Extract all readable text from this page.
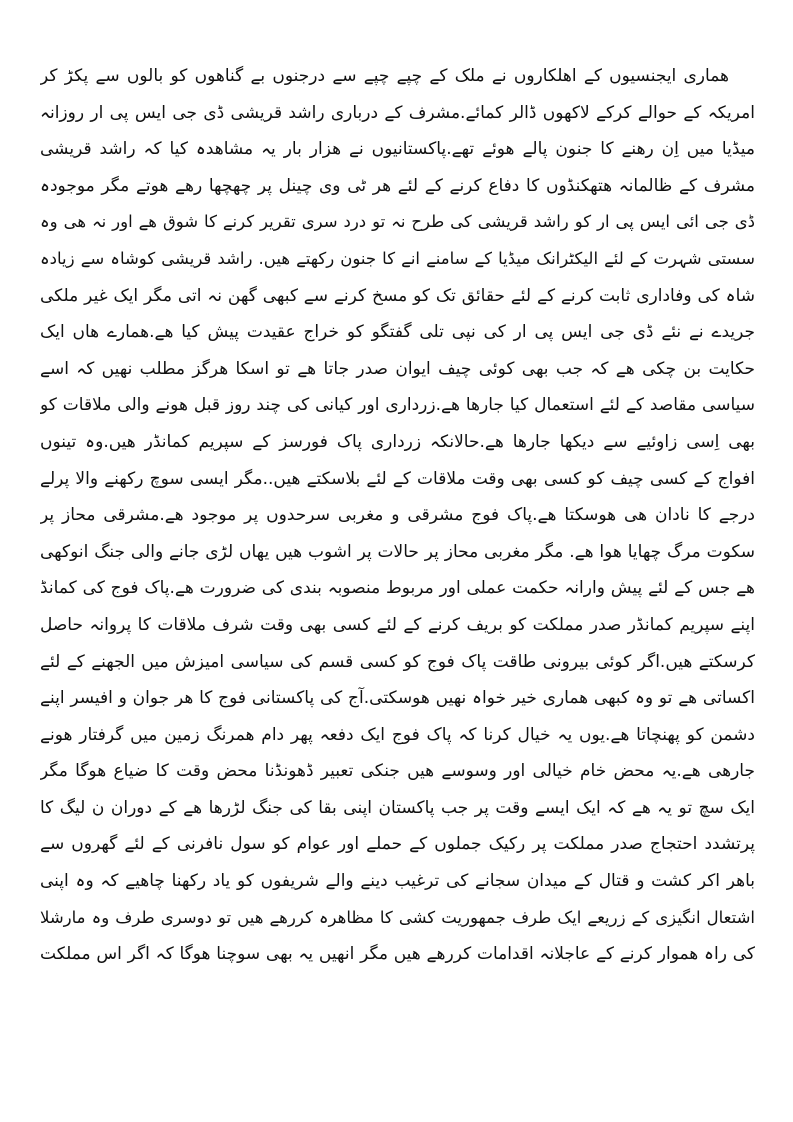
ھماری ایجنسیوں کے اھلکاروں نے ملک کے چپے چپے سے درجنوں بے گناھوں کو بالوں سے پکڑ کر
امریکہ کے حوالے کرکے لاکھوں ڈالر کمائے.مشرف کے درباری راشد قریشی ڈی جی ایس پی ار روزانہ
میڈیا میں اِن رھنے کا جنون پالے ھوئے تھے.پاکستانیوں نے ھزار بار یہ مشاھدہ کیا کہ راشد قریشی
مشرف کے ظالمانہ ھتھکنڈوں کا دفاع کرنے کے لئے ھر ٹی وی چینل پر چھچھا رھے ھوتے مگر موجودہ
ڈی جی ائی ایس پی ار کو راشد قریشی کی طرح نہ تو درد سری تقریر کرنے کا شوق ھے اور نہ ھی وہ
سستی شہرت کے لئے الیکٹرانک میڈیا کے سامنے انے کا جنون رکھتے ھیں. راشد قریشی کوشاہ سے زیادہ
شاہ کی وفاداری ثابت کرنے کے لئے حقائق تک کو مسخ کرنے سے کبھی گھن نہ اتی مگر ایک غیر ملکی
جریدے نے نئے ڈی جی ایس پی ار کی نپی تلی گفتگو کو خراج عقیدت پیش کیا ھے.ھمارے ھاں ایک
حکایت بن چکی ھے کہ جب بھی کوئی چیف ایوان صدر جاتا ھے تو اسکا ھرگز مطلب نھیں کہ اسے
سیاسی مقاصد کے لئے استعمال کیا جارھا ھے.زرداری اور کیانی کی چند روز قبل ھونے والی ملاقات کو
بھی اِسی زاوئیے سے دیکھا جارھا ھے.حالانکہ زرداری پاک فورسز کے سپریم کمانڈر ھیں.وہ تینوں
افواج کے کسی چیف کو کسی بھی وقت ملاقات کے لئے بلاسکتے ھیں..مگر ایسی سوچ رکھنے والا پرلے
درجے کا نادان ھی ھوسکتا ھے.پاک فوج مشرقی و مغربی سرحدوں پر موجود ھے.مشرقی محاز پر
سکوت مرگ چھایا ھوا ھے. مگر مغربی محاز پر حالات پر اشوب ھیں یھاں لڑی جانے والی جنگ انوکھی
ھے جس کے لئے پیش وارانہ حکمت عملی اور مربوط منصوبہ بندی کی ضرورت ھے.پاک فوج کی کمانڈ
اپنے سپریم کمانڈر صدر مملکت کو بریف کرنے کے لئے کسی بھی وقت شرف ملاقات کا پروانہ حاصل
کرسکتے ھیں.اگر کوئی بیرونی طاقت پاک فوج کو کسی قسم کی سیاسی امیزش میں الجھنے کے لئے
اکساتی ھے تو وہ کبھی ھماری خیر خواہ نھیں ھوسکتی.آج کی پاکستانی فوج کا ھر جوان و افیسر اپنے
دشمن کو پھنچاتا ھے.یوں یہ خیال کرنا کہ پاک فوج ایک دفعہ پھر دام ھمرنگ زمین میں گرفتار ھونے
جارھی ھے.یہ محض خام خیالی اور وسوسے ھیں جنکی تعبیر ڈھونڈنا محض وقت کا ضیاع ھوگا مگر
ایک سچ تو یہ ھے کہ ایک ایسے وقت پر جب پاکستان اپنی بقا کی جنگ لڑرھا ھے کے دوران ن لیگ کا
پرتشدد احتجاج صدر مملکت پر رکیک جملوں کے حملے اور عوام کو سول نافرنی کے لئے گھروں سے
باھر اکر کشت و قتال کے میدان سجانے کی ترغیب دینے والے شریفوں کو یاد رکھنا چاھیے کہ وہ اپنی
اشتعال انگیزی کے زریعے ایک طرف جمھوریت کشی کا مظاھرہ کررھے ھیں تو دوسری طرف وہ مارشلا
کی راہ ھموار کرنے کے عاجلانہ اقدامات کررھے ھیں مگر انھیں یہ بھی سوچنا ھوگا کہ اگر اس مملکت
